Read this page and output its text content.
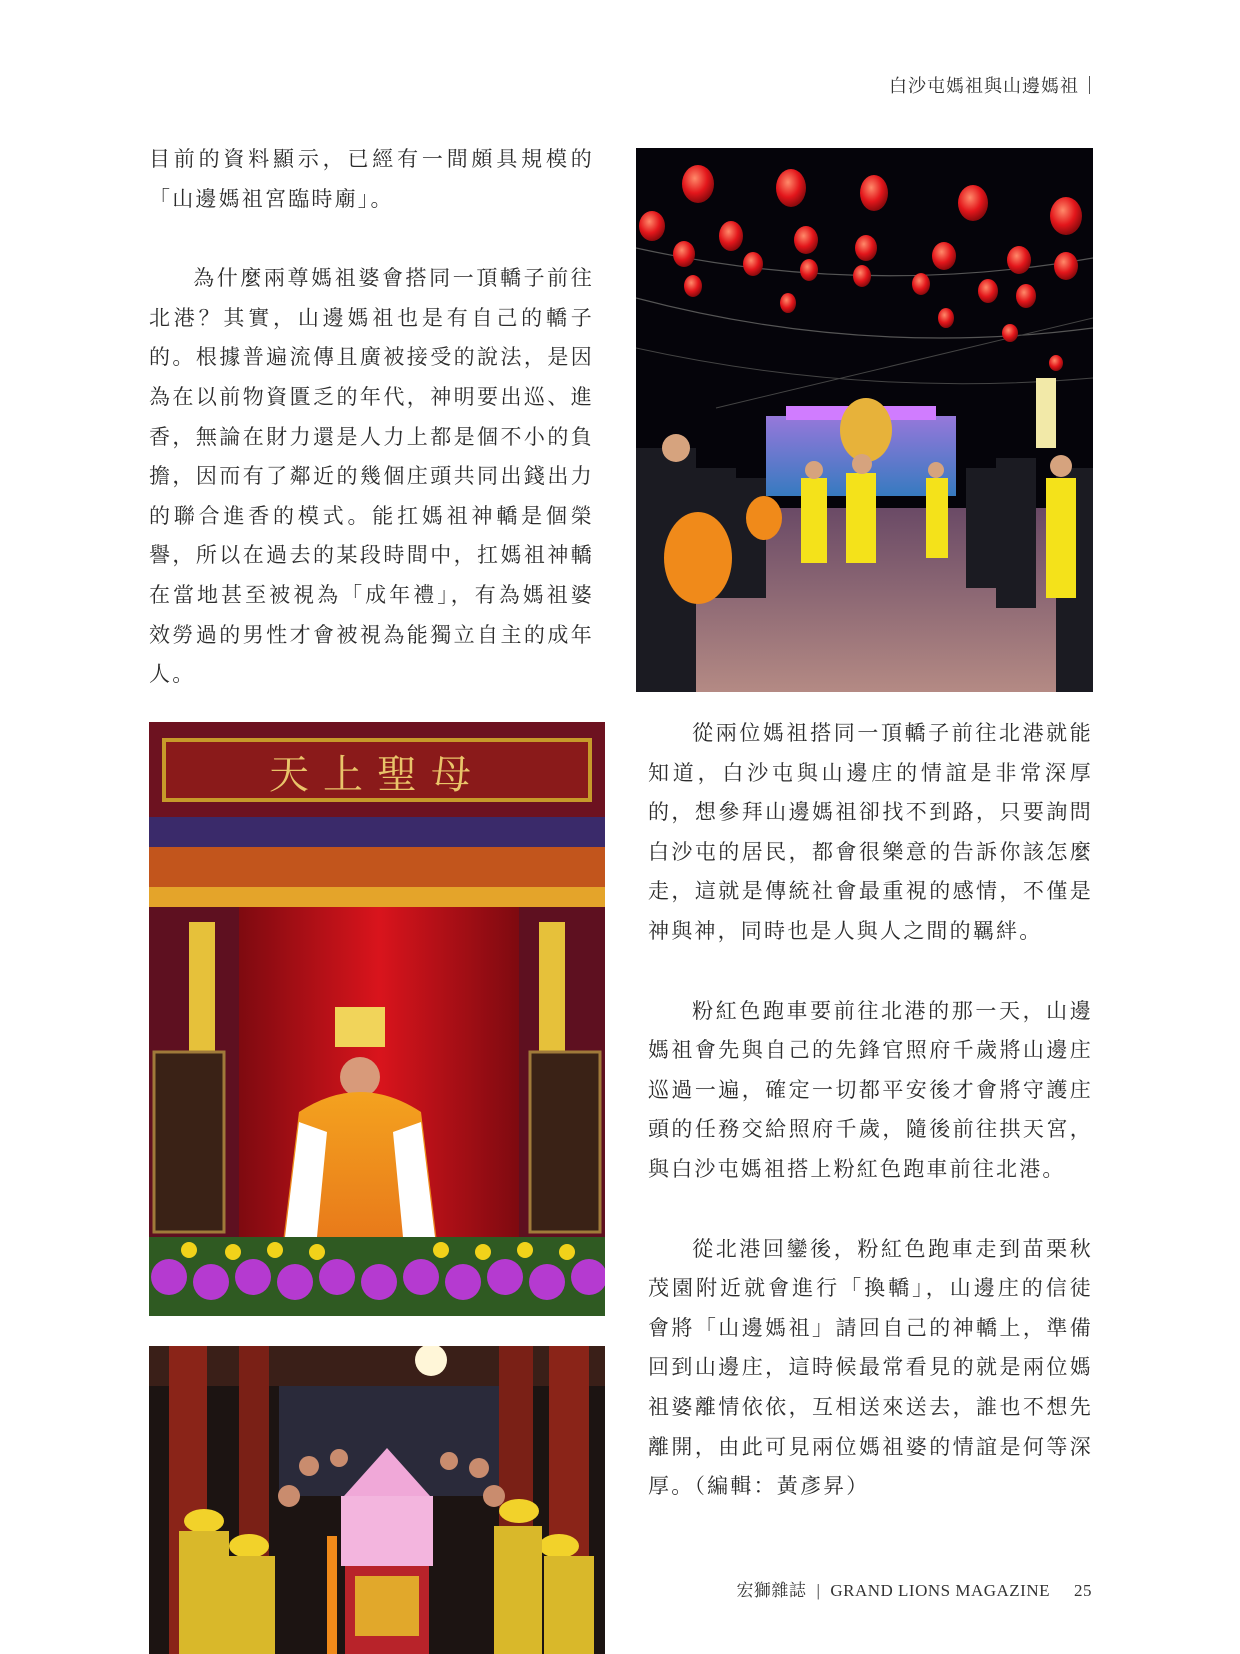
白沙屯媽祖與山邊媽祖

目前的資料顯示，已經有一間頗具規模的「山邊媽祖宮臨時廟」。

為什麼兩尊媽祖婆會搭同一頂轎子前往北港？其實，山邊媽祖也是有自己的轎子的。根據普遍流傳且廣被接受的說法，是因為在以前物資匱乏的年代，神明要出巡、進香，無論在財力還是人力上都是個不小的負擔，因而有了鄰近的幾個庄頭共同出錢出力的聯合進香的模式。能扛媽祖神轎是個榮譽，所以在過去的某段時間中，扛媽祖神轎在當地甚至被視為「成年禮」，有為媽祖婆效勞過的男性才會被視為能獨立自主的成年人。

天上聖母

從兩位媽祖搭同一頂轎子前往北港就能知道，白沙屯與山邊庄的情誼是非常深厚的，想參拜山邊媽祖卻找不到路，只要詢問白沙屯的居民，都會很樂意的告訴你該怎麼走，這就是傳統社會最重視的感情，不僅是神與神，同時也是人與人之間的羈絆。

粉紅色跑車要前往北港的那一天，山邊媽祖會先與自己的先鋒官照府千歲將山邊庄巡過一遍，確定一切都平安後才會將守護庄頭的任務交給照府千歲，隨後前往拱天宮，與白沙屯媽祖搭上粉紅色跑車前往北港。

從北港回鑾後，粉紅色跑車走到苗栗秋茂園附近就會進行「換轎」，山邊庄的信徒會將「山邊媽祖」請回自己的神轎上，準備回到山邊庄，這時候最常看見的就是兩位媽祖婆離情依依，互相送來送去，誰也不想先離開，由此可見兩位媽祖婆的情誼是何等深厚。（編輯：黃彥昇）

宏獅雜誌 | GRAND LIONS MAGAZINE 25
